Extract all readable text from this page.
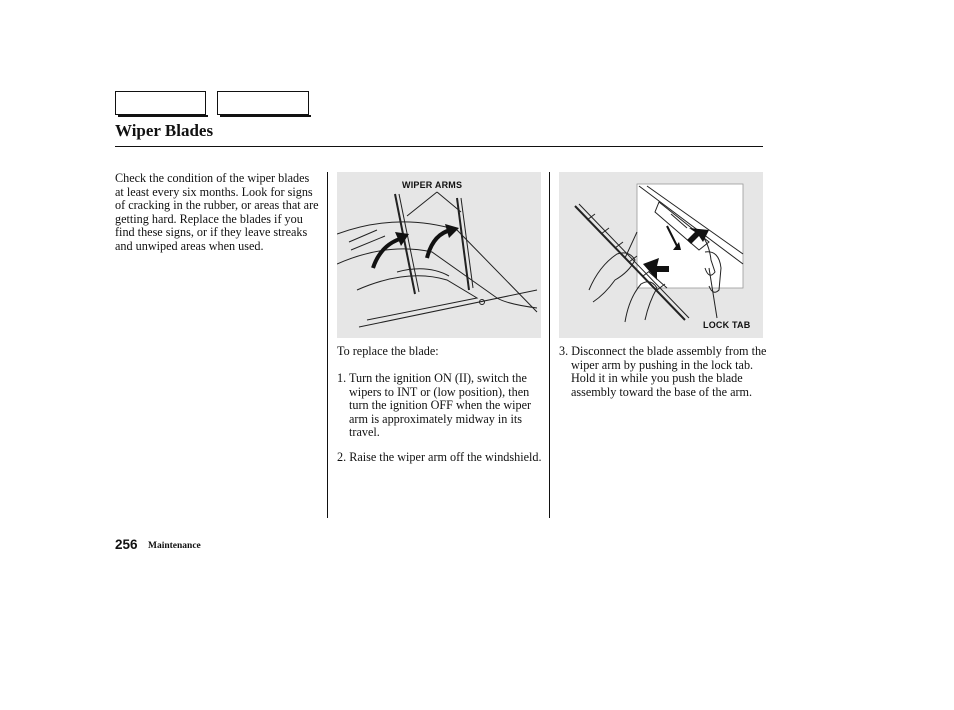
Wiper Blades

Check the condition of the wiper blades at least every six months. Look for signs of cracking in the rubber, or areas that are getting hard. Replace the blades if you find these signs, or if they leave streaks and unwiped areas when used.

WIPER ARMS
LOCK TAB

To replace the blade:

1. Turn the ignition ON (II), switch the wipers to INT or (low position), then turn the ignition OFF when the wiper arm is approximately midway in its travel.

2. Raise the wiper arm off the windshield.

3. Disconnect the blade assembly from the wiper arm by pushing in the lock tab. Hold it in while you push the blade assembly toward the base of the arm.

256 Maintenance
